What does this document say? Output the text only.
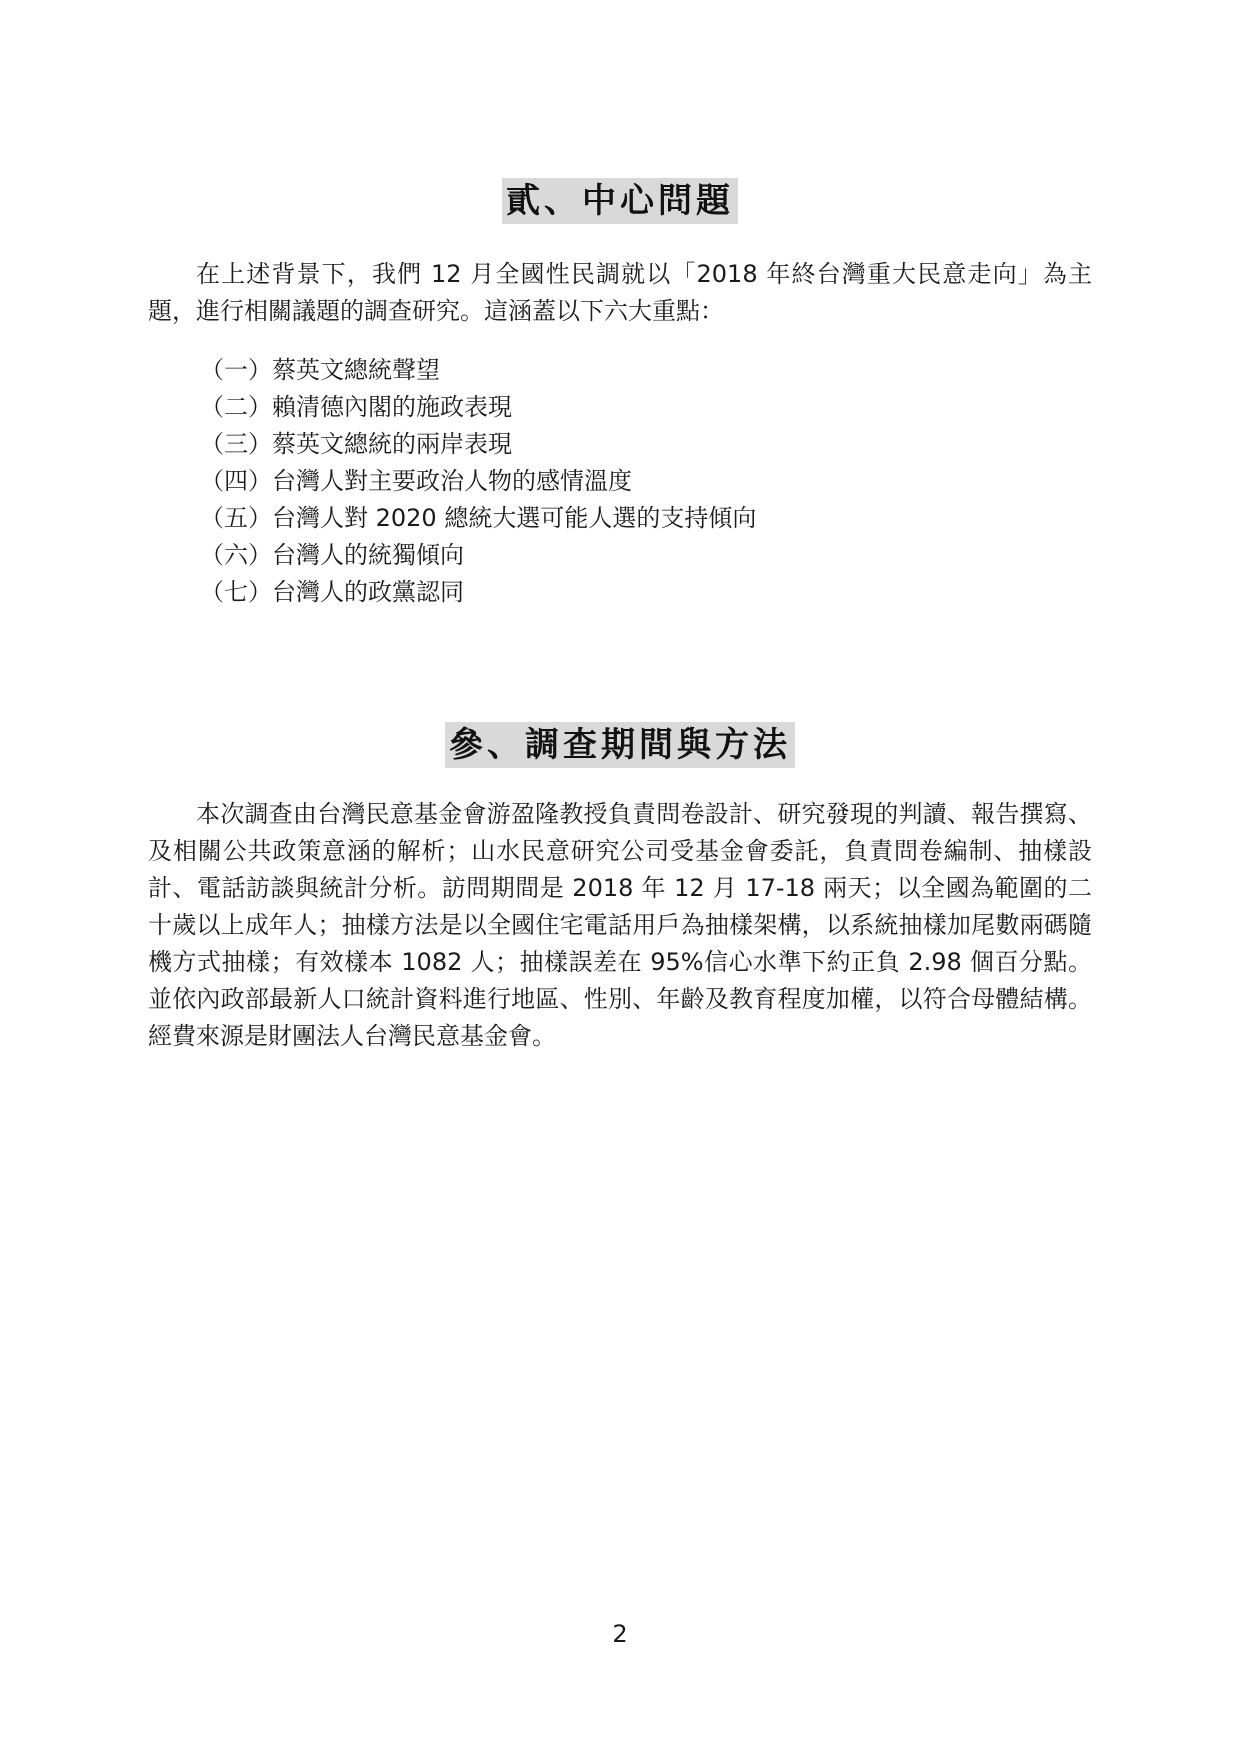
貳、中心問題

在上述背景下，我們 12 月全國性民調就以「2018 年終台灣重大民意走向」為主題，進行相關議題的調查研究。這涵蓋以下六大重點：

（一）蔡英文總統聲望
（二）賴清德內閣的施政表現
（三）蔡英文總統的兩岸表現
（四）台灣人對主要政治人物的感情溫度
（五）台灣人對 2020 總統大選可能人選的支持傾向
（六）台灣人的統獨傾向
（七）台灣人的政黨認同
參、調查期間與方法

本次調查由台灣民意基金會游盈隆教授負責問卷設計、研究發現的判讀、報告撰寫、及相關公共政策意涵的解析；山水民意研究公司受基金會委託，負責問卷編制、抽樣設計、電話訪談與統計分析。訪問期間是 2018 年 12 月 17-18 兩天；以全國為範圍的二十歲以上成年人；抽樣方法是以全國住宅電話用戶為抽樣架構，以系統抽樣加尾數兩碼隨機方式抽樣；有效樣本 1082 人；抽樣誤差在 95%信心水準下約正負 2.98 個百分點。並依內政部最新人口統計資料進行地區、性別、年齡及教育程度加權，以符合母體結構。經費來源是財團法人台灣民意基金會。

2
